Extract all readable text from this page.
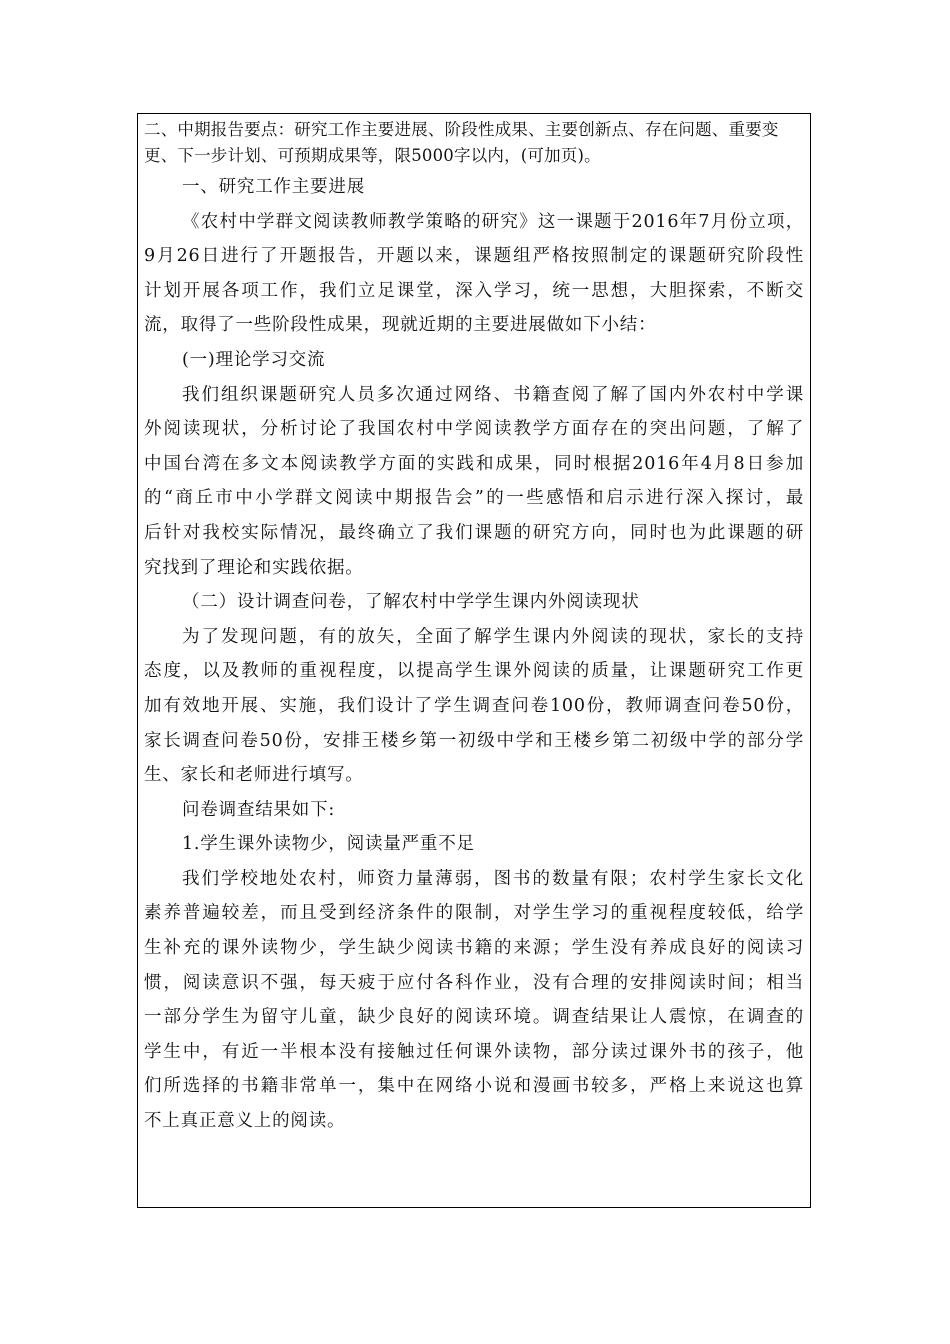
二、中期报告要点：研究工作主要进展、阶段性成果、主要创新点、存在问题、重要变更、下一步计划、可预期成果等，限5000字以内，(可加页)。
一、研究工作主要进展
《农村中学群文阅读教师教学策略的研究》这一课题于2016年7月份立项，
9月26日进行了开题报告，开题以来，课题组严格按照制定的课题研究阶段性
计划开展各项工作，我们立足课堂，深入学习，统一思想，大胆探索，不断交
流，取得了一些阶段性成果，现就近期的主要进展做如下小结：
(一)理论学习交流
我们组织课题研究人员多次通过网络、书籍查阅了解了国内外农村中学课
外阅读现状，分析讨论了我国农村中学阅读教学方面存在的突出问题，了解了
中国台湾在多文本阅读教学方面的实践和成果，同时根据2016年4月8日参加
的“商丘市中小学群文阅读中期报告会”的一些感悟和启示进行深入探讨，最
后针对我校实际情况，最终确立了我们课题的研究方向，同时也为此课题的研
究找到了理论和实践依据。
（二）设计调查问卷，了解农村中学学生课内外阅读现状
为了发现问题，有的放矢，全面了解学生课内外阅读的现状，家长的支持
态度，以及教师的重视程度，以提高学生课外阅读的质量，让课题研究工作更
加有效地开展、实施，我们设计了学生调查问卷100份，教师调查问卷50份，
家长调查问卷50份，安排王楼乡第一初级中学和王楼乡第二初级中学的部分学
生、家长和老师进行填写。
问卷调查结果如下:
1.学生课外读物少，阅读量严重不足
我们学校地处农村，师资力量薄弱，图书的数量有限；农村学生家长文化
素养普遍较差，而且受到经济条件的限制，对学生学习的重视程度较低，给学
生补充的课外读物少，学生缺少阅读书籍的来源；学生没有养成良好的阅读习
惯，阅读意识不强，每天疲于应付各科作业，没有合理的安排阅读时间；相当
一部分学生为留守儿童，缺少良好的阅读环境。调查结果让人震惊，在调查的
学生中，有近一半根本没有接触过任何课外读物，部分读过课外书的孩子，他
们所选择的书籍非常单一，集中在网络小说和漫画书较多，严格上来说这也算
不上真正意义上的阅读。
